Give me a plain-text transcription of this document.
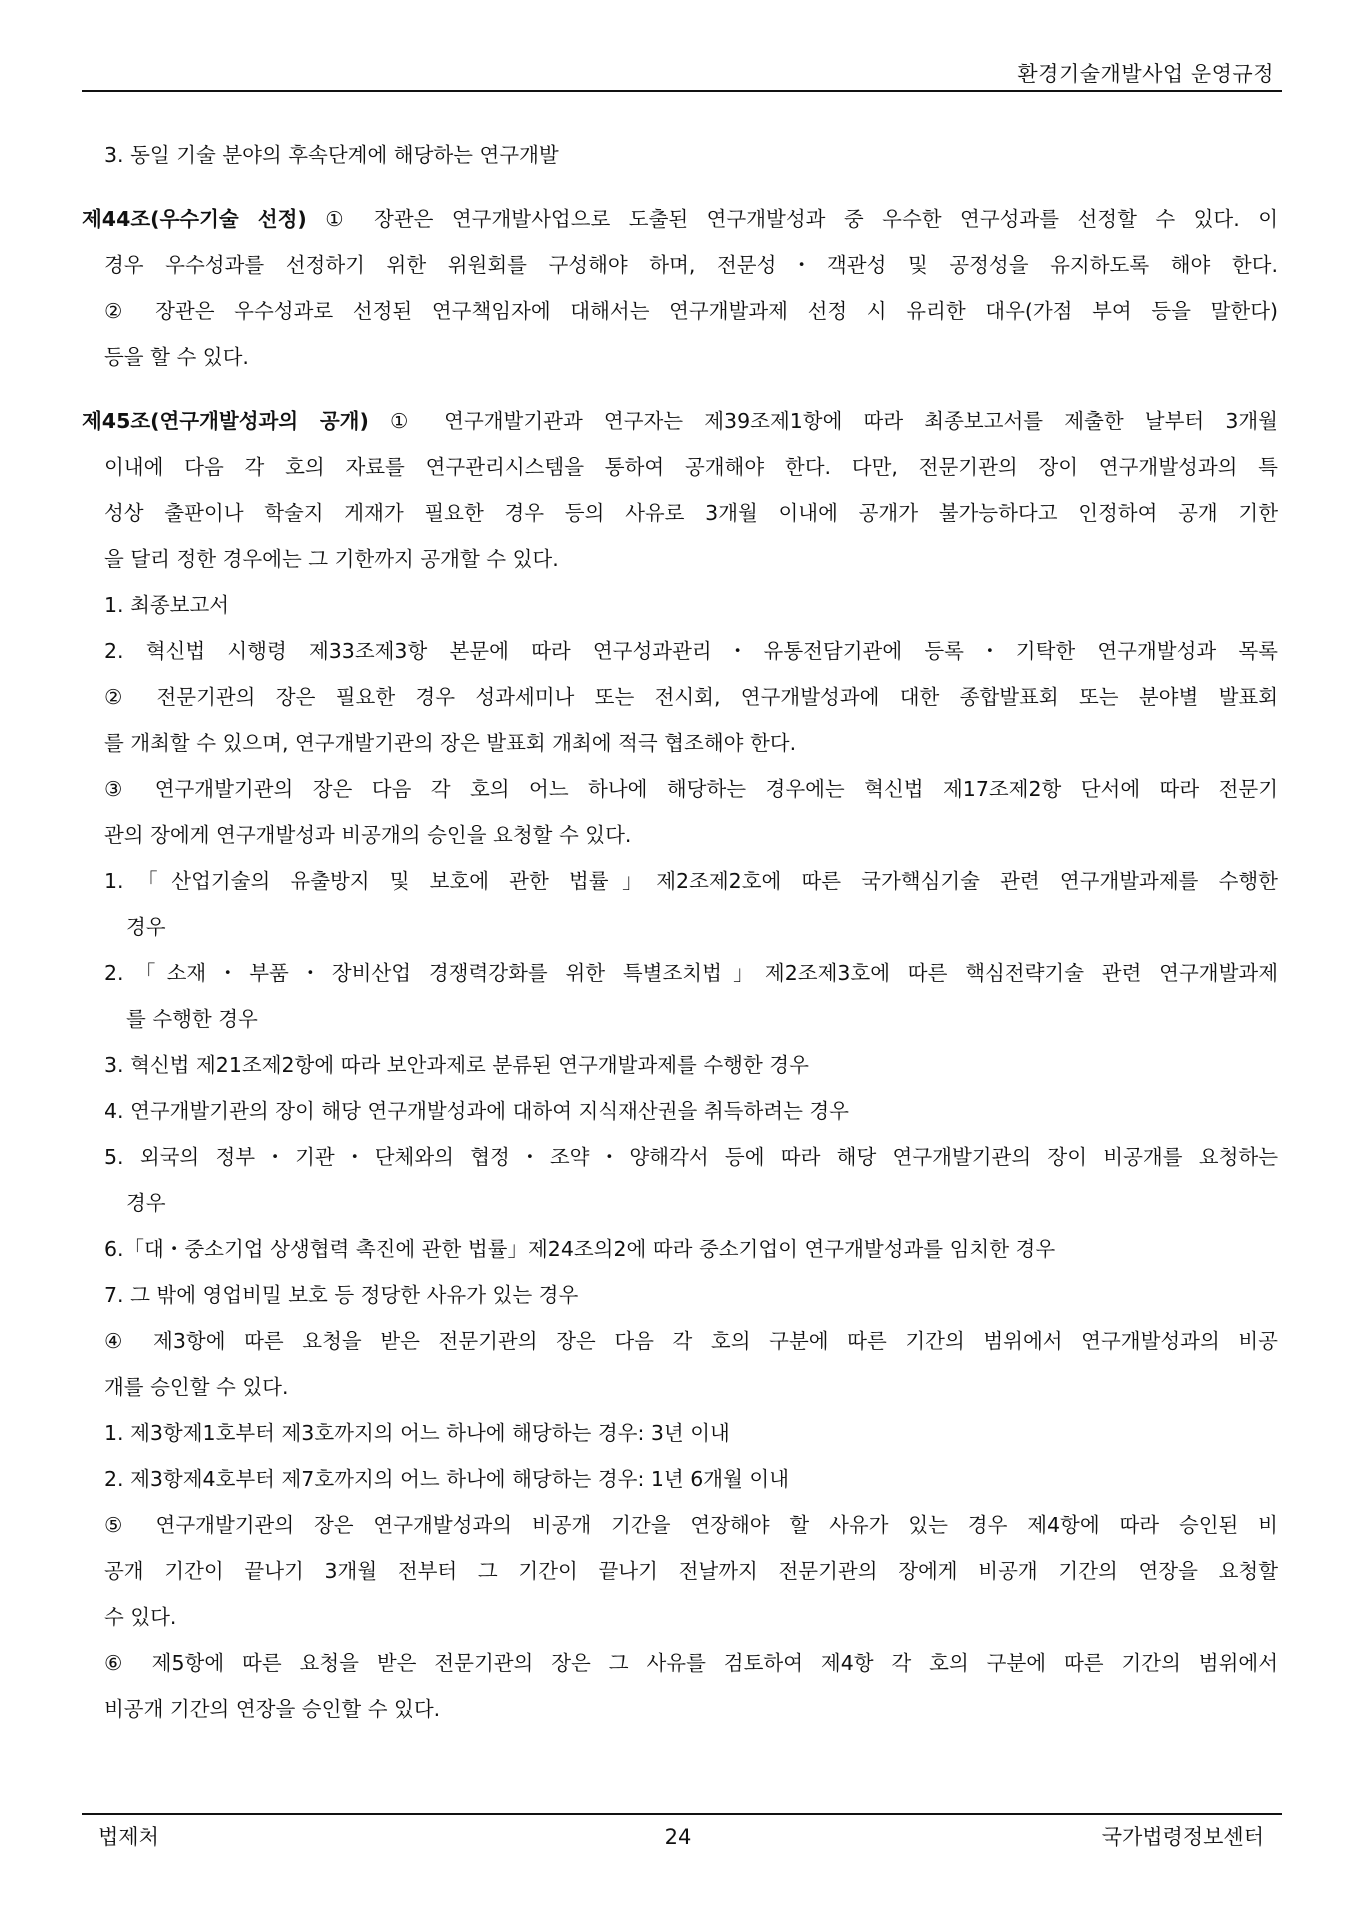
환경기술개발사업 운영규정
3. 동일 기술 분야의 후속단계에 해당하는 연구개발
제44조(우수기술 선정) ① 장관은 연구개발사업으로 도출된 연구개발성과 중 우수한 연구성과를 선정할 수 있다. 이
경우 우수성과를 선정하기 위한 위원회를 구성해야 하며, 전문성・객관성 및 공정성을 유지하도록 해야 한다.
② 장관은 우수성과로 선정된 연구책임자에 대해서는 연구개발과제 선정 시 유리한 대우(가점 부여 등을 말한다)
등을 할 수 있다.
제45조(연구개발성과의 공개) ① 연구개발기관과 연구자는 제39조제1항에 따라 최종보고서를 제출한 날부터 3개월
이내에 다음 각 호의 자료를 연구관리시스템을 통하여 공개해야 한다. 다만, 전문기관의 장이 연구개발성과의 특
성상 출판이나 학술지 게재가 필요한 경우 등의 사유로 3개월 이내에 공개가 불가능하다고 인정하여 공개 기한
을 달리 정한 경우에는 그 기한까지 공개할 수 있다.
1. 최종보고서
2. 혁신법 시행령 제33조제3항 본문에 따라 연구성과관리・유통전담기관에 등록・기탁한 연구개발성과 목록
② 전문기관의 장은 필요한 경우 성과세미나 또는 전시회, 연구개발성과에 대한 종합발표회 또는 분야별 발표회
를 개최할 수 있으며, 연구개발기관의 장은 발표회 개최에 적극 협조해야 한다.
③ 연구개발기관의 장은 다음 각 호의 어느 하나에 해당하는 경우에는 혁신법 제17조제2항 단서에 따라 전문기
관의 장에게 연구개발성과 비공개의 승인을 요청할 수 있다.
1.「산업기술의 유출방지 및 보호에 관한 법률」제2조제2호에 따른 국가핵심기술 관련 연구개발과제를 수행한
경우
2.「소재・부품・장비산업 경쟁력강화를 위한 특별조치법」제2조제3호에 따른 핵심전략기술 관련 연구개발과제
를 수행한 경우
3. 혁신법 제21조제2항에 따라 보안과제로 분류된 연구개발과제를 수행한 경우
4. 연구개발기관의 장이 해당 연구개발성과에 대하여 지식재산권을 취득하려는 경우
5. 외국의 정부・기관・단체와의 협정・조약・양해각서 등에 따라 해당 연구개발기관의 장이 비공개를 요청하는
경우
6.「대・중소기업 상생협력 촉진에 관한 법률」제24조의2에 따라 중소기업이 연구개발성과를 임치한 경우
7. 그 밖에 영업비밀 보호 등 정당한 사유가 있는 경우
④ 제3항에 따른 요청을 받은 전문기관의 장은 다음 각 호의 구분에 따른 기간의 범위에서 연구개발성과의 비공
개를 승인할 수 있다.
1. 제3항제1호부터 제3호까지의 어느 하나에 해당하는 경우: 3년 이내
2. 제3항제4호부터 제7호까지의 어느 하나에 해당하는 경우: 1년 6개월 이내
⑤ 연구개발기관의 장은 연구개발성과의 비공개 기간을 연장해야 할 사유가 있는 경우 제4항에 따라 승인된 비
공개 기간이 끝나기 3개월 전부터 그 기간이 끝나기 전날까지 전문기관의 장에게 비공개 기간의 연장을 요청할
수 있다.
⑥ 제5항에 따른 요청을 받은 전문기관의 장은 그 사유를 검토하여 제4항 각 호의 구분에 따른 기간의 범위에서
비공개 기간의 연장을 승인할 수 있다.
법제처	24	국가법령정보센터
